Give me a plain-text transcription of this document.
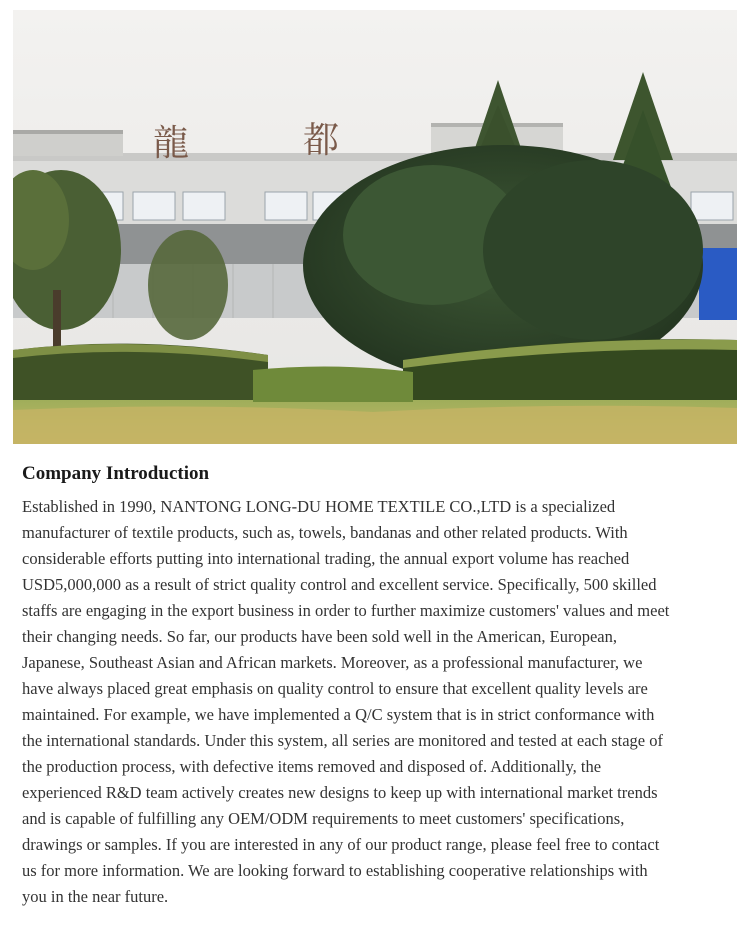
龍	都
Company Introduction

Established in 1990, NANTONG LONG-DU HOME TEXTILE CO.,LTD is a specialized
manufacturer of textile products, such as, towels, bandanas and other related products. With
considerable efforts putting into international trading, the annual export volume has reached
USD5,000,000 as a result of strict quality control and excellent service. Specifically, 500 skilled
staffs are engaging in the export business in order to further maximize customers' values and meet
their changing needs. So far, our products have been sold well in the American, European,
Japanese, Southeast Asian and African markets. Moreover, as a professional manufacturer, we
have always placed great emphasis on quality control to ensure that excellent quality levels are
maintained. For example, we have implemented a Q/C system that is in strict conformance with
the international standards. Under this system, all series are monitored and tested at each stage of
the production process, with defective items removed and disposed of. Additionally, the
experienced R&D team actively creates new designs to keep up with international market trends
and is capable of fulfilling any OEM/ODM requirements to meet customers' specifications,
drawings or samples. If you are interested in any of our product range, please feel free to contact
us for more information. We are looking forward to establishing cooperative relationships with
you in the near future.
